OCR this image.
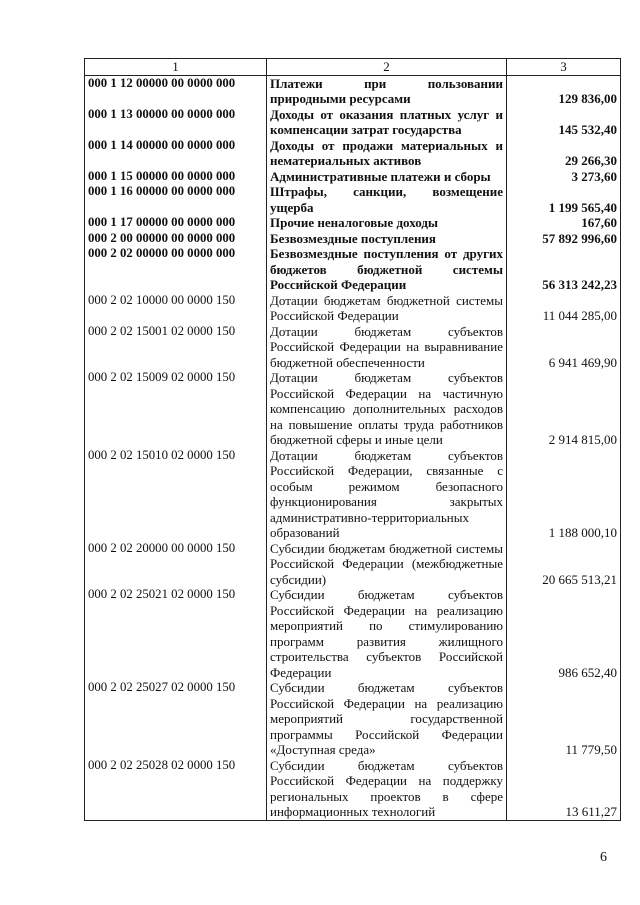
1	2	3
000 1 12 00000 00 0000 000	Платежи при пользовании природными ресурсами	129 836,00
000 1 13 00000 00 0000 000	Доходы от оказания платных услуг и компенсации затрат государства	145 532,40
000 1 14 00000 00 0000 000	Доходы от продажи материальных и нематериальных активов	29 266,30
000 1 15 00000 00 0000 000	Административные платежи и сборы	3 273,60
000 1 16 00000 00 0000 000	Штрафы, санкции, возмещение ущерба	1 199 565,40
000 1 17 00000 00 0000 000	Прочие неналоговые доходы	167,60
000 2 00 00000 00 0000 000	Безвозмездные поступления	57 892 996,60
000 2 02 00000 00 0000 000	Безвозмездные поступления от других бюджетов бюджетной системы Российской Федерации	56 313 242,23
000 2 02 10000 00 0000 150	Дотации бюджетам бюджетной системы Российской Федерации	11 044 285,00
000 2 02 15001 02 0000 150	Дотации бюджетам субъектов Российской Федерации на выравнивание бюджетной обеспеченности	6 941 469,90
000 2 02 15009 02 0000 150	Дотации бюджетам субъектов Российской Федерации на частичную компенсацию дополнительных расходов на повышение оплаты труда работников бюджетной сферы и иные цели	2 914 815,00
000 2 02 15010 02 0000 150	Дотации бюджетам субъектов Российской Федерации, связанные с особым режимом безопасного функционирования закрытых административно-территориальных образований	1 188 000,10
000 2 02 20000 00 0000 150	Субсидии бюджетам бюджетной системы Российской Федерации (межбюджетные субсидии)	20 665 513,21
000 2 02 25021 02 0000 150	Субсидии бюджетам субъектов Российской Федерации на реализацию мероприятий по стимулированию программ развития жилищного строительства субъектов Российской Федерации	986 652,40
000 2 02 25027 02 0000 150	Субсидии бюджетам субъектов Российской Федерации на реализацию мероприятий государственной программы Российской Федерации «Доступная среда»	11 779,50
000 2 02 25028 02 0000 150	Субсидии бюджетам субъектов Российской Федерации на поддержку региональных проектов в сфере информационных технологий	13 611,27
6
